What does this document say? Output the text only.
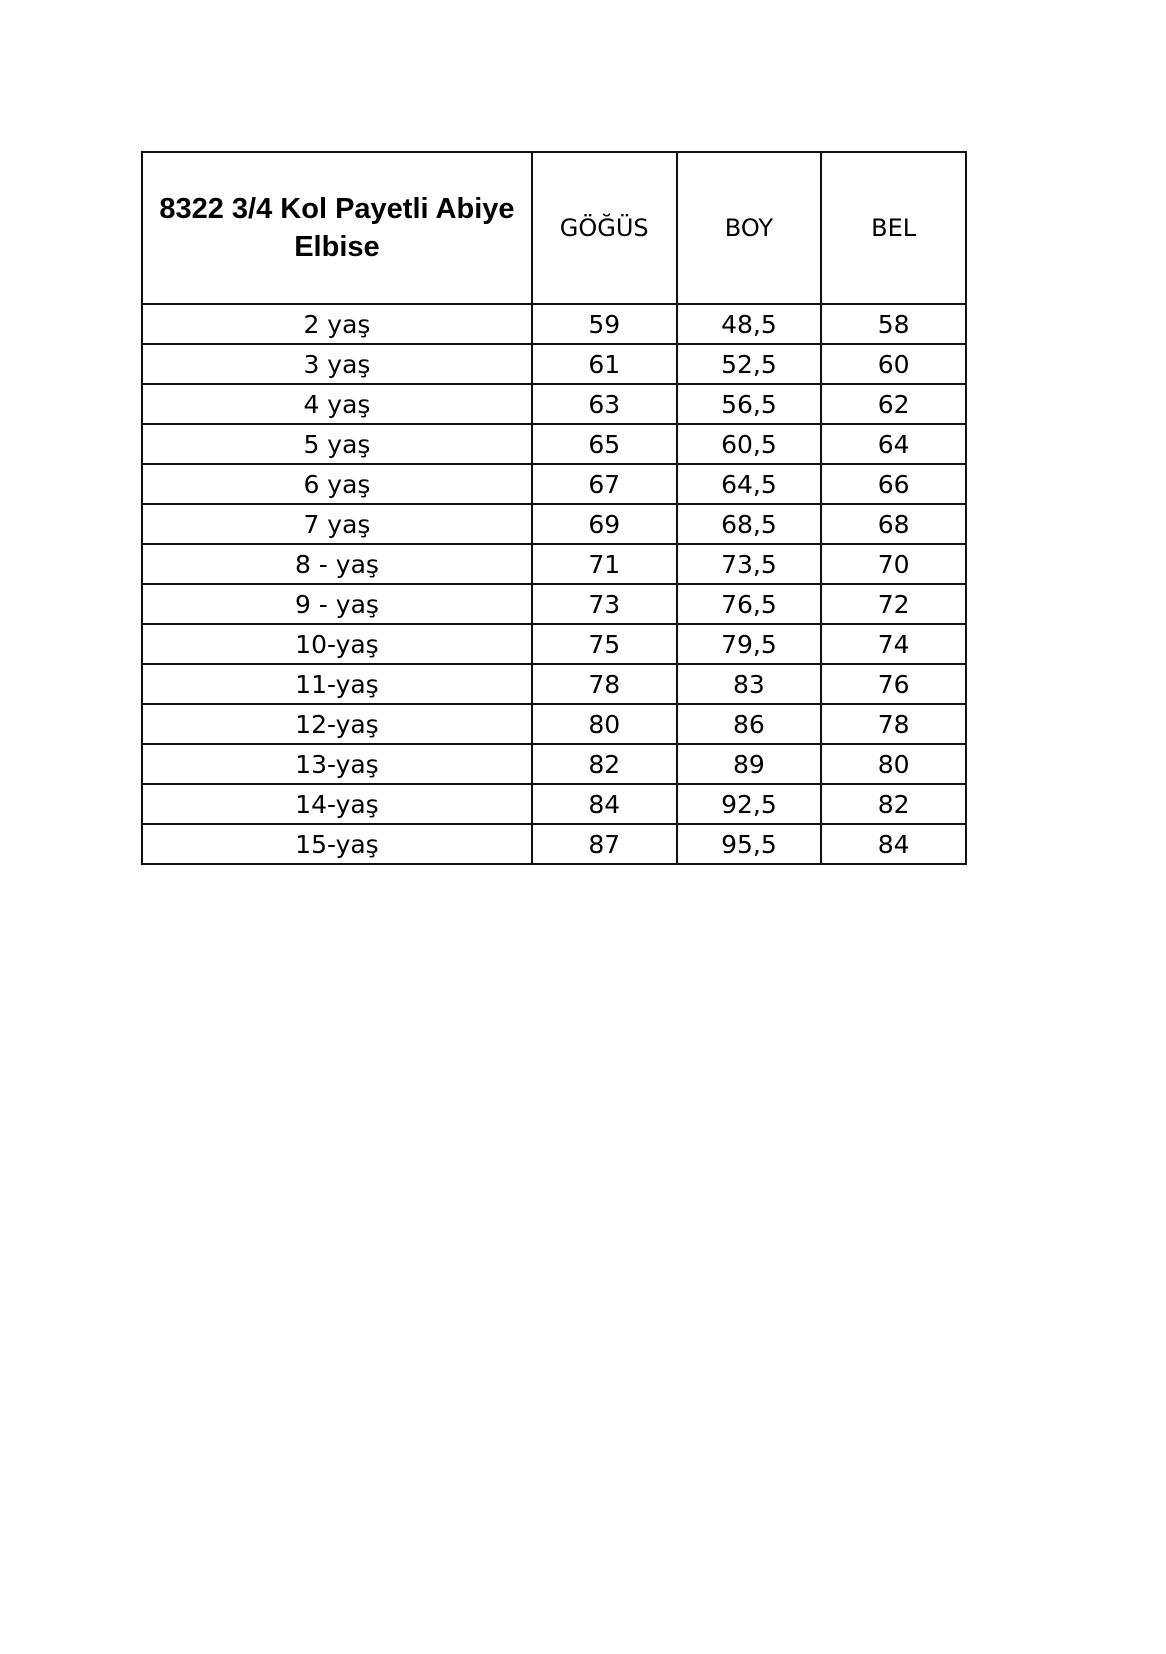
8322 3/4 Kol Payetli Abiye Elbise	GÖĞÜS	BOY	BEL
2 yaş	59	48,5	58
3 yaş	61	52,5	60
4 yaş	63	56,5	62
5 yaş	65	60,5	64
6 yaş	67	64,5	66
7 yaş	69	68,5	68
8 - yaş	71	73,5	70
9 - yaş	73	76,5	72
10-yaş	75	79,5	74
11-yaş	78	83	76
12-yaş	80	86	78
13-yaş	82	89	80
14-yaş	84	92,5	82
15-yaş	87	95,5	84
